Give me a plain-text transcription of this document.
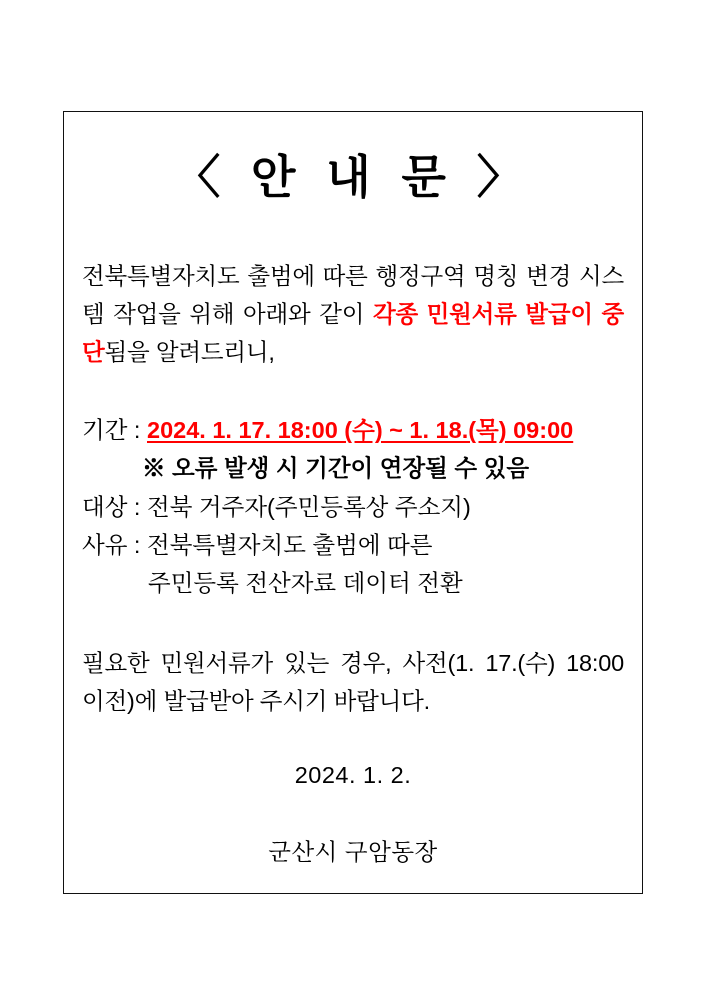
〈 안 내 문 〉

전북특별자치도 출범에 따른 행정구역 명칭 변경 시스템 작업을 위해 아래와 같이 각종 민원서류 발급이 중단됨을 알려드리니,

기간 : 2024. 1. 17. 18:00 (수) ~ 1. 18.(목) 09:00
※ 오류 발생 시 기간이 연장될 수 있음
대상 : 전북 거주자(주민등록상 주소지)
사유 : 전북특별자치도 출범에 따른
주민등록 전산자료 데이터 전환

필요한 민원서류가 있는 경우, 사전(1. 17.(수) 18:00 이전)에 발급받아 주시기 바랍니다.

2024. 1. 2.
군산시 구암동장
